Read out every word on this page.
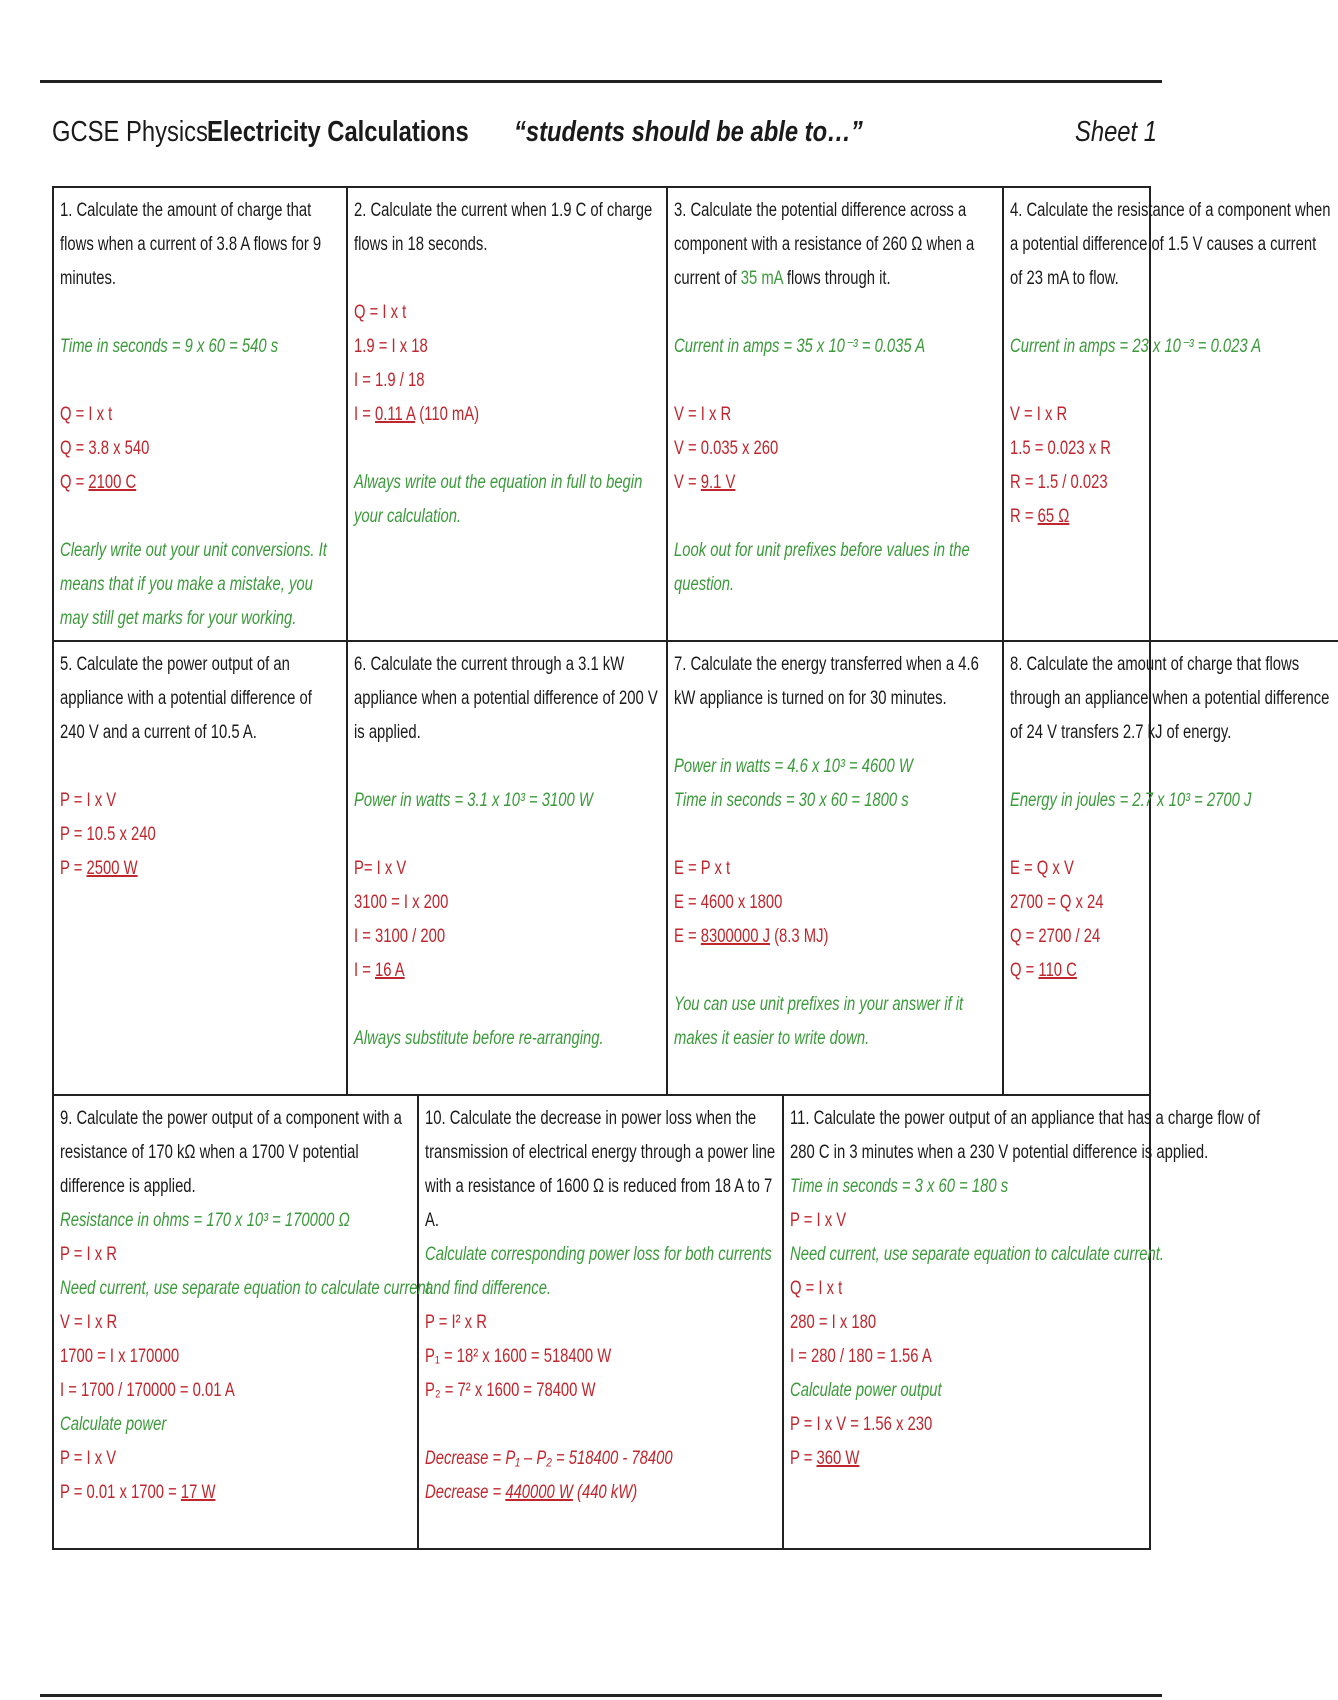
GCSE Physics Electricity Calculations “students should be able to…”	Sheet 1
1. Calculate the amount of charge that flows when a current of 3.8 A flows for 9 minutes.
Time in seconds = 9 x 60 = 540 s
Q = I x t
Q = 3.8 x 540
Q = 2100 C
Clearly write out your unit conversions. It means that if you make a mistake, you may still get marks for your working.
2. Calculate the current when 1.9 C of charge flows in 18 seconds.
Q = I x t
1.9 = I x 18
I = 1.9 / 18
I = 0.11 A (110 mA)
Always write out the equation in full to begin your calculation.
3. Calculate the potential difference across a component with a resistance of 260 Ω when a current of 35 mA flows through it.
Current in amps = 35 x 10⁻³ = 0.035 A
V = I x R
V = 0.035 x 260
V = 9.1 V
Look out for unit prefixes before values in the question.
4. Calculate the resistance of a component when a potential difference of 1.5 V causes a current of 23 mA to flow.
Current in amps = 23 x 10⁻³ = 0.023 A
V = I x R
1.5 = 0.023 x R
R = 1.5 / 0.023
R = 65 Ω
5. Calculate the power output of an appliance with a potential difference of 240 V and a current of 10.5 A.
P = I x V
P = 10.5 x 240
P = 2500 W
6. Calculate the current through a 3.1 kW appliance when a potential difference of 200 V is applied.
Power in watts = 3.1 x 10³ = 3100 W
P= I x V
3100 = I x 200
I = 3100 / 200
I = 16 A
Always substitute before re-arranging.
7. Calculate the energy transferred when a 4.6 kW appliance is turned on for 30 minutes.
Power in watts = 4.6 x 10³ = 4600 W
Time in seconds = 30 x 60 = 1800 s
E = P x t
E = 4600 x 1800
E = 8300000 J (8.3 MJ)
You can use unit prefixes in your answer if it makes it easier to write down.
8. Calculate the amount of charge that flows through an appliance when a potential difference of 24 V transfers 2.7 kJ of energy.
Energy in joules = 2.7 x 10³ = 2700 J
E = Q x V
2700 = Q x 24
Q = 2700 / 24
Q = 110 C
9. Calculate the power output of a component with a resistance of 170 kΩ when a 1700 V potential difference is applied.
Resistance in ohms = 170 x 10³ = 170000 Ω
P = I x R
Need current, use separate equation to calculate current.
V = I x R
1700 = I x 170000
I = 1700 / 170000 = 0.01 A
Calculate power
P = I x V
P = 0.01 x 1700 = 17 W
10. Calculate the decrease in power loss when the transmission of electrical energy through a power line with a resistance of 1600 Ω is reduced from 18 A to 7 A.
Calculate corresponding power loss for both currents and find difference.
P = I² x R
P₁ = 18² x 1600 = 518400 W
P₂ = 7² x 1600 = 78400 W
Decrease = P₁ – P₂ = 518400 - 78400
Decrease = 440000 W (440 kW)
11. Calculate the power output of an appliance that has a charge flow of 280 C in 3 minutes when a 230 V potential difference is applied.
Time in seconds = 3 x 60 = 180 s
P = I x V
Need current, use separate equation to calculate current.
Q = I x t
280 = I x 180
I = 280 / 180 = 1.56 A
Calculate power output
P = I x V = 1.56 x 230
P = 360 W
